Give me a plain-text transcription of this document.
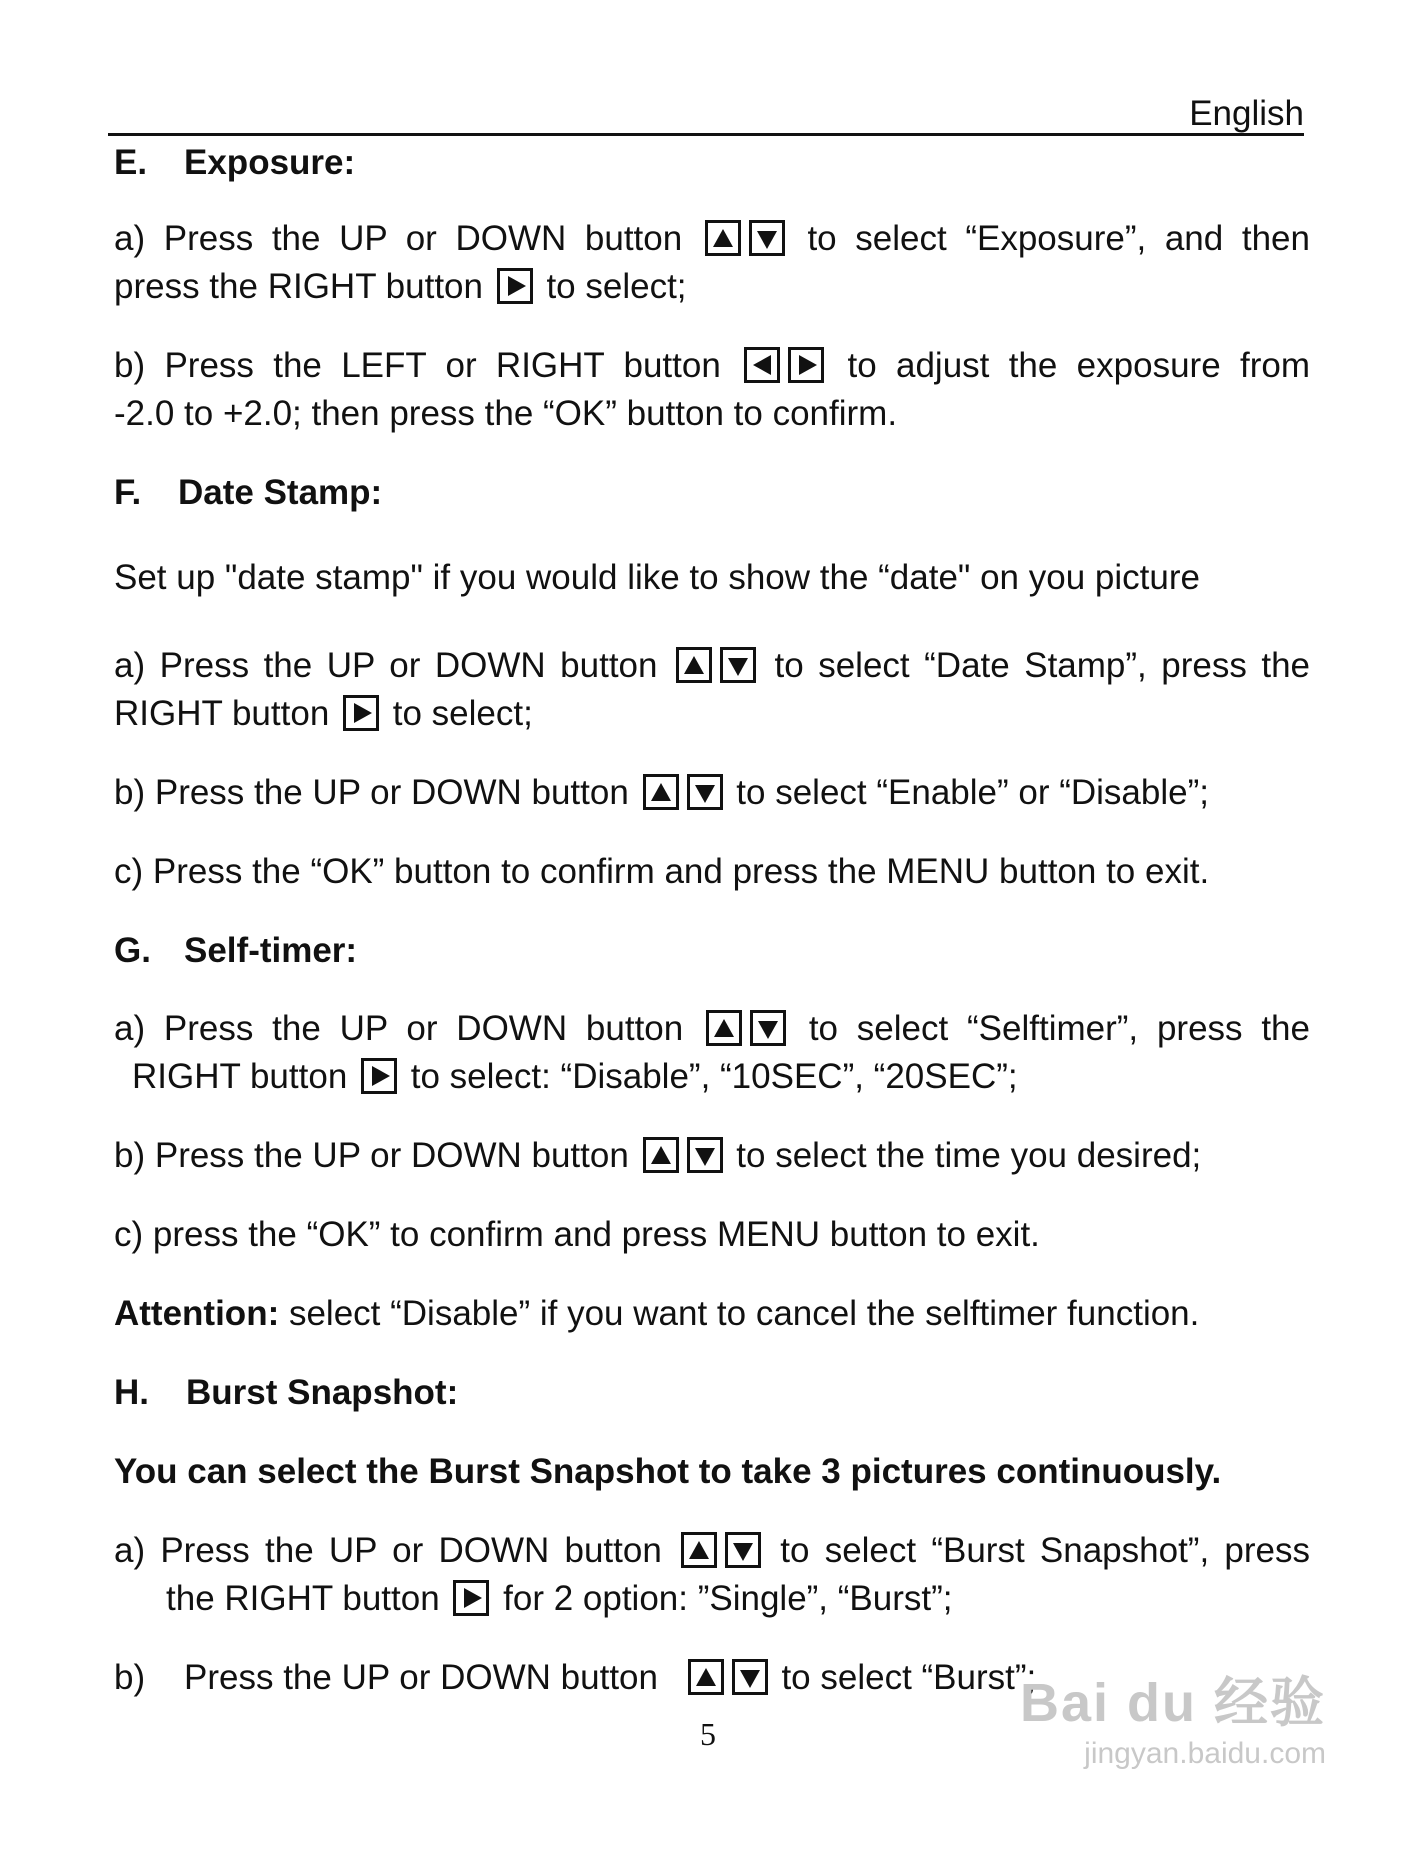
English
E. Exposure:
a) Press the UP or DOWN button	to select “Exposure”, and then
press the RIGHT button to select;
b) Press the LEFT or RIGHT button	to adjust the exposure from
-2.0 to +2.0; then press the “OK” button to confirm.
F. Date Stamp:
Set up "date stamp" if you would like to show the “date" on you picture
a) Press the UP or DOWN button	to select “Date Stamp”, press the
RIGHT button to select;
b) Press the UP or DOWN button	to select “Enable” or “Disable”;
c) Press the “OK” button to confirm and press the MENU button to exit.
G. Self-timer:
a) Press the UP or DOWN button	to select “Selftimer”, press the
RIGHT button to select: “Disable”, “10SEC”, “20SEC”;
b) Press the UP or DOWN button	to select the time you desired;
c) press the “OK” to confirm and press MENU button to exit.
Attention: select “Disable” if you want to cancel the selftimer function.
H. Burst Snapshot:
You can select the Burst Snapshot to take 3 pictures continuously.
a) Press the UP or DOWN button	to select “Burst Snapshot”, press
the RIGHT button for 2 option: ”Single”, “Burst”;
b) Press the UP or DOWN button	to select “Burst”;
5
Bai du 经验
jingyan.baidu.com
